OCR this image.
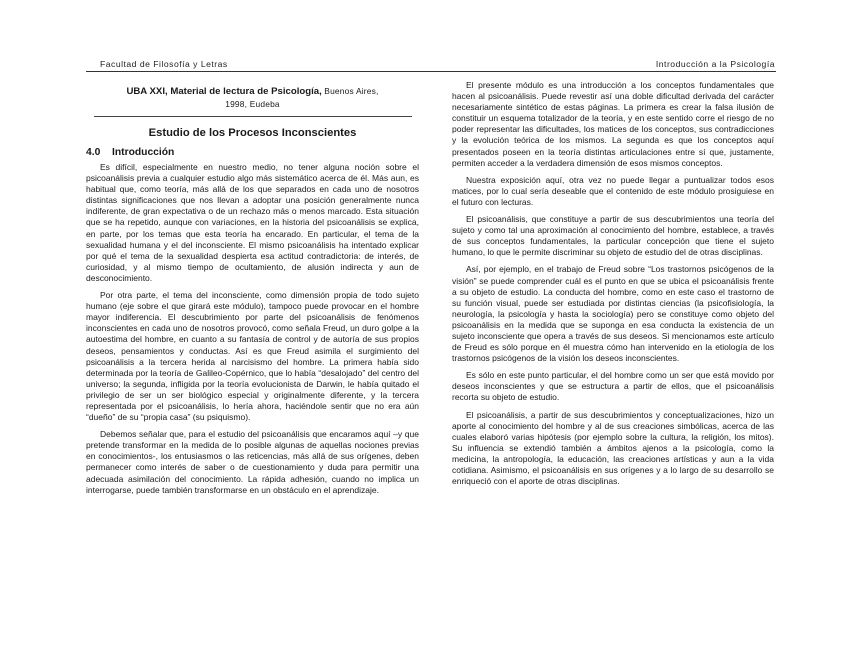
Facultad de Filosofía y Letras	Introducción a la Psicología
UBA XXI, Material de lectura de Psicología, Buenos Aires,
1998, Eudeba
Estudio de los Procesos Inconscientes
4.0 Introducción

Es difícil, especialmente en nuestro medio, no tener alguna noción sobre el psicoanálisis previa a cualquier estudio algo más sistemático acerca de él. Más aun, es habitual que, como teoría, más allá de los que separados en cada uno de nosotros distintas significaciones que nos llevan a adoptar una posición generalmente nunca indiferente, de gran expectativa o de un rechazo más o menos marcado. Esta situación que se ha repetido, aunque con variaciones, en la historia del psicoanálisis se explica, en parte, por los temas que esta teoría ha encarado. En particular, el tema de la sexualidad humana y el del inconsciente. El mismo psicoanálisis ha intentado explicar por qué el tema de la sexualidad despierta esa actitud contradictoria: de interés, de curiosidad, y al mismo tiempo de ocultamiento, de alusión indirecta y aun de desconocimiento.

Por otra parte, el tema del inconsciente, como dimensión propia de todo sujeto humano (eje sobre el que girará este módulo), tampoco puede provocar en el hombre mayor indiferencia. El descubrimiento por parte del psicoanálisis de fenómenos inconscientes en cada uno de nosotros provocó, como señala Freud, un duro golpe a la autoestima del hombre, en cuanto a su fantasía de control y de autoría de sus propios deseos, pensamientos y conductas. Así es que Freud asimila el surgimiento del psicoanálisis a la tercera herida al narcisismo del hombre. La primera había sido determinada por la teoría de Galileo-Copérnico, que lo había “desalojado” del centro del universo; la segunda, infligida por la teoría evolucionista de Darwin, le había quitado el privilegio de ser un ser biológico especial y originalmente diferente, y la tercera representada por el psicoanálisis, lo hería ahora, haciéndole sentir que no era aún “dueño” de su “propia casa” (su psiquismo).

Debemos señalar que, para el estudio del psicoanálisis que encaramos aquí –y que pretende transformar en la medida de lo posible algunas de aquellas nociones previas en conocimientos-, los entusiasmos o las reticencias, más allá de sus orígenes, deben permanecer como interés de saber o de cuestionamiento y duda para permitir una adecuada asimilación del conocimiento. La rápida adhesión, cuando no implica un interrogarse, puede también transformarse en un obstáculo en el aprendizaje.

El presente módulo es una introducción a los conceptos fundamentales que hacen al psicoanálisis. Puede revestir así una doble dificultad derivada del carácter necesariamente sintético de estas páginas. La primera es crear la falsa ilusión de constituir un esquema totalizador de la teoría, y en este sentido corre el riesgo de no poder representar las dificultades, los matices de los conceptos, sus contradicciones y la evolución teórica de los mismos. La segunda es que los conceptos aquí presentados poseen en la teoría distintas articulaciones entre sí que, justamente, permiten acceder a la verdadera dimensión de esos mismos conceptos.

Nuestra exposición aquí, otra vez no puede llegar a puntualizar todos esos matices, por lo cual sería deseable que el contenido de este módulo prosiguiese en el futuro con lecturas.

El psicoanálisis, que constituye a partir de sus descubrimientos una teoría del sujeto y como tal una aproximación al conocimiento del hombre, establece, a través de sus conceptos fundamentales, la particular concepción que tiene el sujeto humano, lo que le permite discriminar su objeto de estudio del de otras disciplinas.

Así, por ejemplo, en el trabajo de Freud sobre “Los trastornos psicógenos de la visión” se puede comprender cuál es el punto en que se ubica el psicoanálisis frente a su objeto de estudio. La conducta del hombre, como en este caso el trastorno de su función visual, puede ser estudiada por distintas ciencias (la psicofisiología, la neurología, la psicología y hasta la sociología) pero se constituye como objeto del psicoanálisis en la medida que se suponga en esa conducta la existencia de un sujeto inconsciente que opera a través de sus deseos. Si mencionamos este artículo de Freud es sólo porque en él muestra cómo han intervenido en la etiología de los trastornos psicógenos de la visión los deseos inconscientes.

Es sólo en este punto particular, el del hombre como un ser que está movido por deseos inconscientes y que se estructura a partir de ellos, que el psicoanálisis recorta su objeto de estudio.

El psicoanálisis, a partir de sus descubrimientos y conceptualizaciones, hizo un aporte al conocimiento del hombre y al de sus creaciones simbólicas, acerca de las cuales elaboró varias hipótesis (por ejemplo sobre la cultura, la religión, los mitos). Su influencia se extendió también a ámbitos ajenos a la psicología, como la medicina, la antropología, la educación, las creaciones artísticas y aun a la vida cotidiana. Asimismo, el psicoanálisis en sus orígenes y a lo largo de su desarrollo se enriqueció con el aporte de otras disciplinas.
